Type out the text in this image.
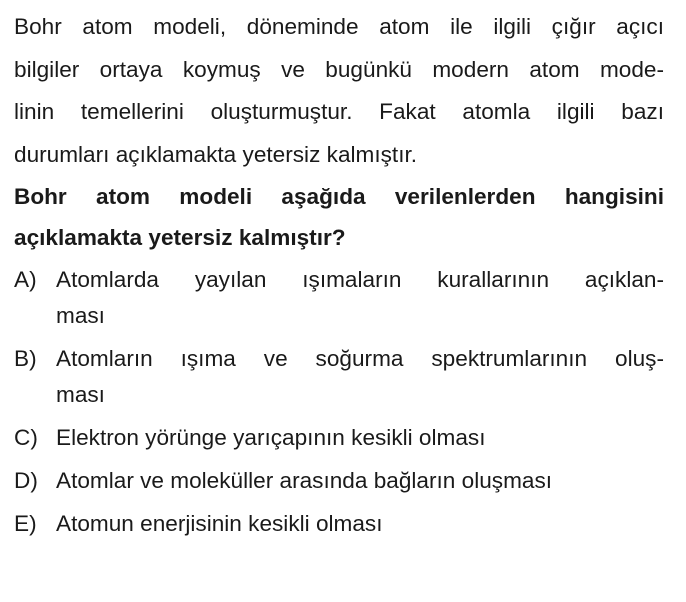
Bohr atom modeli, döneminde atom ile ilgili çığır açıcı
bilgiler ortaya koymuş ve bugünkü modern atom mode-
linin temellerini oluşturmuştur. Fakat atomla ilgili bazı
durumları açıklamakta yetersiz kalmıştır.
Bohr atom modeli aşağıda verilenlerden hangisini
açıklamakta yetersiz kalmıştır?
A) Atomlarda yayılan ışımaların kurallarının açıklan-
ması
B) Atomların ışıma ve soğurma spektrumlarının oluş-
ması
C) Elektron yörünge yarıçapının kesikli olması
D) Atomlar ve moleküller arasında bağların oluşması
E) Atomun enerjisinin kesikli olması
